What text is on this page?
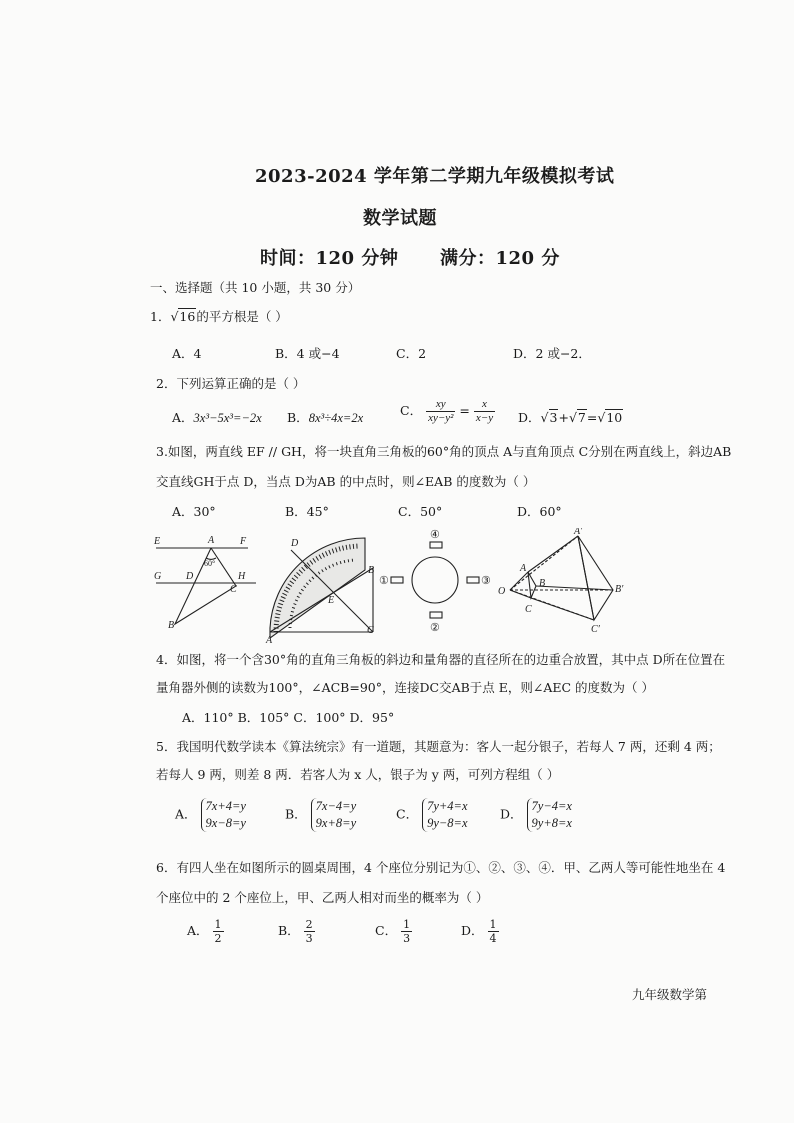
2023-2024 学年第二学期九年级模拟考试
数学试题
时间：120 分钟 满分：120 分
一、选择题（共 10 小题，共 30 分）
1．√16的平方根是（ ）
A．4	B．4 或−4	C．2	D．2 或−2．
2．下列运算正确的是（ ）
A．3x³−5x³=−2x B．8x³÷4x=2x	C． $\frac{xy}{\text{xy−y²}} = \frac{x}{x-y}$ D．√3+√7=√10
3.如图，两直线 EF // GH，将一块直角三角板的60°角的顶点 A与直角顶点 C分别在两直线上，斜边AB
交直线GH于点 D，当点 D为AB 的中点时，则∠EAB 的度数为（ ）
A．30°	B．45°	C．50°	D．60°
E	A	F
G D	H
C
B
60°
D
B
E
A
C
④
②
①	③
A′
A
B
O	B′
C
C′
4．如图，将一个含30°角的直角三角板的斜边和量角器的直径所在的边重合放置，其中点 D所在位置在
量角器外侧的读数为100°，∠ACB=90°，连接DC交AB于点 E，则∠AEC 的度数为（ ）
A．110° B．105° C．100° D．95°
5．我国明代数学读本《算法统宗》有一道题，其题意为：客人一起分银子，若每人 7 两，还剩 4 两；
若每人 9 两，则差 8 两．若客人为 x 人，银子为 y 两，可列方程组（ ）
A． 7x+4=y
9x−8=y
B． 7x−4=y
9x+8=y
C． 7y+4=x
9y−8=x
D． 7y−4=x
9y+8=x
6．有四人坐在如图所示的圆桌周围，4 个座位分别记为①、②、③、④．甲、乙两人等可能性地坐在 4
个座位中的 2 个座位上，甲、乙两人相对而坐的概率为（ ）
A． $\frac{1}{2}$	B． $\frac{2}{3}$	C． $\frac{1}{3}$	D． $\frac{1}{4}$
九年级数学第
